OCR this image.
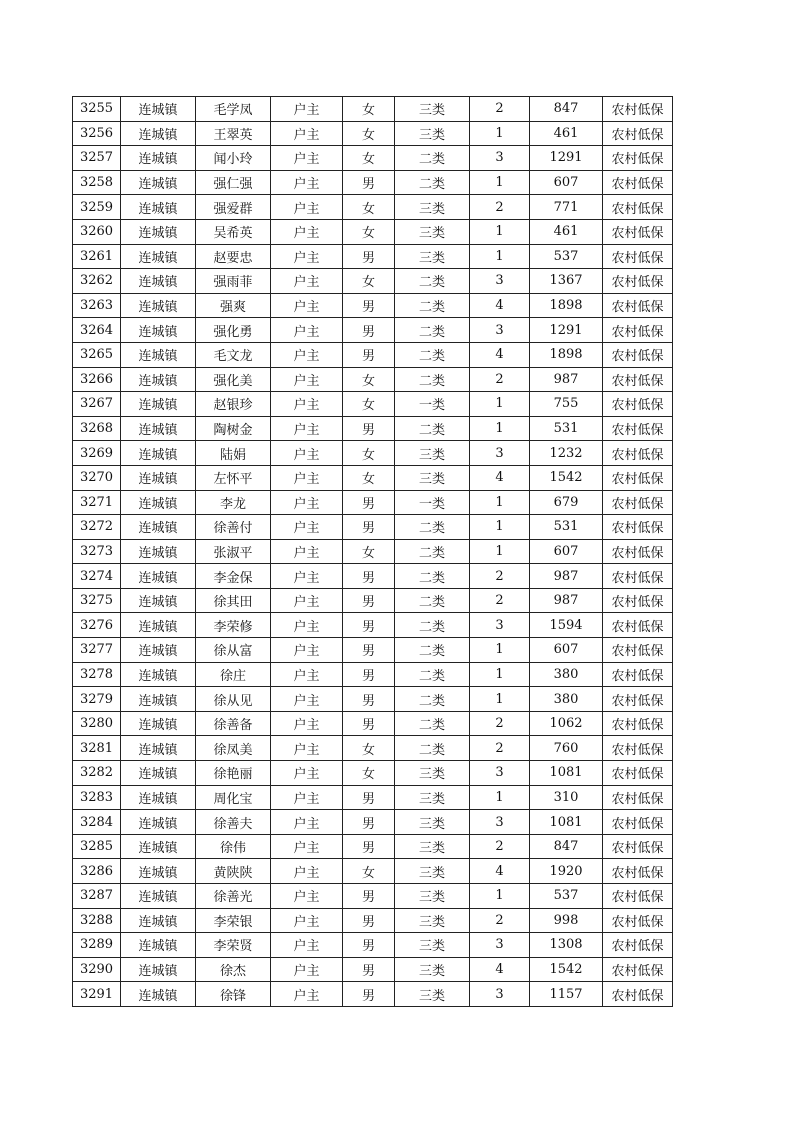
3255	连城镇	毛学凤	户主	女	三类	2	847	农村低保
3256	连城镇	王翠英	户主	女	三类	1	461	农村低保
3257	连城镇	闻小玲	户主	女	二类	3	1291	农村低保
3258	连城镇	强仁强	户主	男	二类	1	607	农村低保
3259	连城镇	强爱群	户主	女	三类	2	771	农村低保
3260	连城镇	吴希英	户主	女	三类	1	461	农村低保
3261	连城镇	赵要忠	户主	男	三类	1	537	农村低保
3262	连城镇	强雨菲	户主	女	二类	3	1367	农村低保
3263	连城镇	强爽	户主	男	二类	4	1898	农村低保
3264	连城镇	强化勇	户主	男	二类	3	1291	农村低保
3265	连城镇	毛文龙	户主	男	二类	4	1898	农村低保
3266	连城镇	强化美	户主	女	二类	2	987	农村低保
3267	连城镇	赵银珍	户主	女	一类	1	755	农村低保
3268	连城镇	陶树金	户主	男	二类	1	531	农村低保
3269	连城镇	陆娟	户主	女	三类	3	1232	农村低保
3270	连城镇	左怀平	户主	女	三类	4	1542	农村低保
3271	连城镇	李龙	户主	男	一类	1	679	农村低保
3272	连城镇	徐善付	户主	男	二类	1	531	农村低保
3273	连城镇	张淑平	户主	女	二类	1	607	农村低保
3274	连城镇	李金保	户主	男	二类	2	987	农村低保
3275	连城镇	徐其田	户主	男	二类	2	987	农村低保
3276	连城镇	李荣修	户主	男	二类	3	1594	农村低保
3277	连城镇	徐从富	户主	男	二类	1	607	农村低保
3278	连城镇	徐庄	户主	男	二类	1	380	农村低保
3279	连城镇	徐从见	户主	男	二类	1	380	农村低保
3280	连城镇	徐善备	户主	男	二类	2	1062	农村低保
3281	连城镇	徐凤美	户主	女	二类	2	760	农村低保
3282	连城镇	徐艳丽	户主	女	三类	3	1081	农村低保
3283	连城镇	周化宝	户主	男	三类	1	310	农村低保
3284	连城镇	徐善夫	户主	男	三类	3	1081	农村低保
3285	连城镇	徐伟	户主	男	三类	2	847	农村低保
3286	连城镇	黄陕陕	户主	女	三类	4	1920	农村低保
3287	连城镇	徐善光	户主	男	三类	1	537	农村低保
3288	连城镇	李荣银	户主	男	三类	2	998	农村低保
3289	连城镇	李荣贤	户主	男	三类	3	1308	农村低保
3290	连城镇	徐杰	户主	男	三类	4	1542	农村低保
3291	连城镇	徐锋	户主	男	三类	3	1157	农村低保
